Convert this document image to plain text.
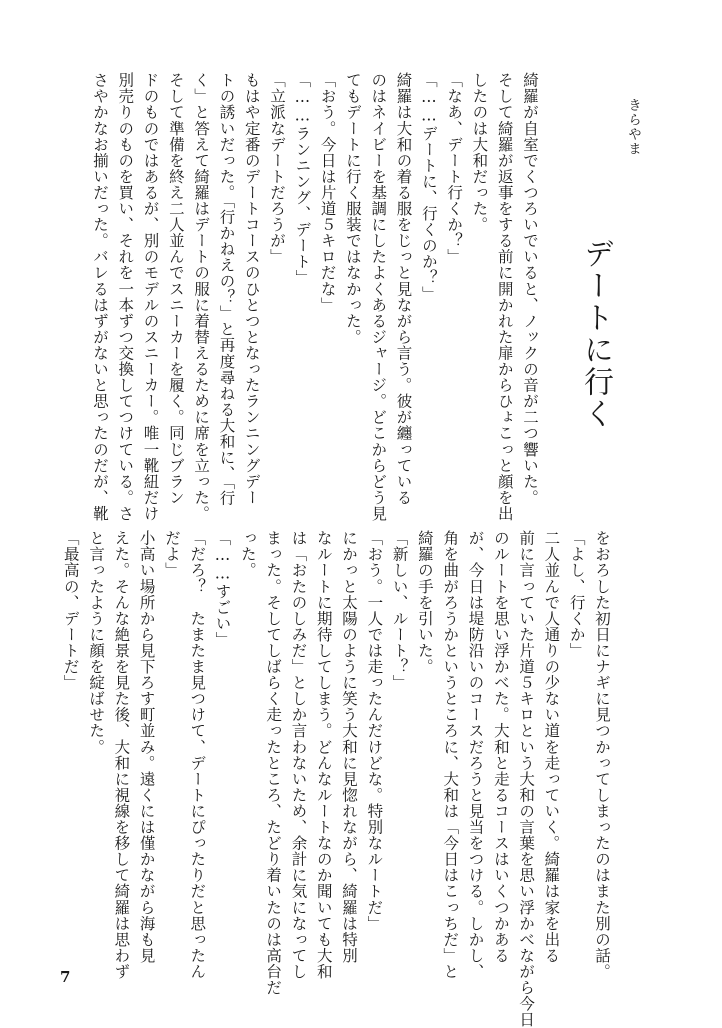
きらやま
デートに行く
綺羅が自室でくつろいでいると、ノックの音が二つ響いた。
そして綺羅が返事をする前に開かれた扉からひょこっと顔を出
したのは大和だった。
「なあ、デート行くか？」
「……デートに、行くのか？」
綺羅は大和の着る服をじっと見ながら言う。彼が纏っている
のはネイビーを基調にしたよくあるジャージ。どこからどう見
てもデートに行く服装ではなかった。
「おう。今日は片道５キロだな」
「……ランニング、デート」
「立派なデートだろうが」
もはや定番のデートコースのひとつとなったランニングデー
トの誘いだった。「行かねえの？」と再度尋ねる大和に、「行
く」と答えて綺羅はデートの服に着替えるために席を立った。
そして準備を終え二人並んでスニーカーを履く。同じブラン
ドのものではあるが、別のモデルのスニーカー。唯一靴紐だけ
別売りのものを買い、それを一本ずつ交換してつけている。さ
さやかなお揃いだった。バレるはずがないと思ったのだが、靴
をおろした初日にナギに見つかってしまったのはまた別の話。
「よし、行くか」
二人並んで人通りの少ない道を走っていく。綺羅は家を出る
前に言っていた片道５キロという大和の言葉を思い浮かべながら今日
のルートを思い浮かべた。大和と走るコースはいくつかある
が、今日は堤防沿いのコースだろうと見当をつける。しかし、
角を曲がろうかというところに、大和は「今日はこっちだ」と
綺羅の手を引いた。
「新しい、ルート？」
「おう。一人では走ったんだけどな。特別なルートだ」
にかっと太陽のように笑う大和に見惚れながら、綺羅は特別
なルートに期待してしまう。どんなルートなのか聞いても大和
は「おたのしみだ」としか言わないため、余計に気になってし
まった。そしてしばらく走ったところ、たどり着いたのは高台だ
った。
「……すごい」
「だろ？　たまたま見つけて、デートにぴったりだと思ったん
だよ」
小高い場所から見下ろす町並み。遠くには僅かながら海も見
えた。そんな絶景を見た後、大和に視線を移して綺羅は思わず
と言ったように顔を綻ばせた。
「最高の、デートだ」
7
